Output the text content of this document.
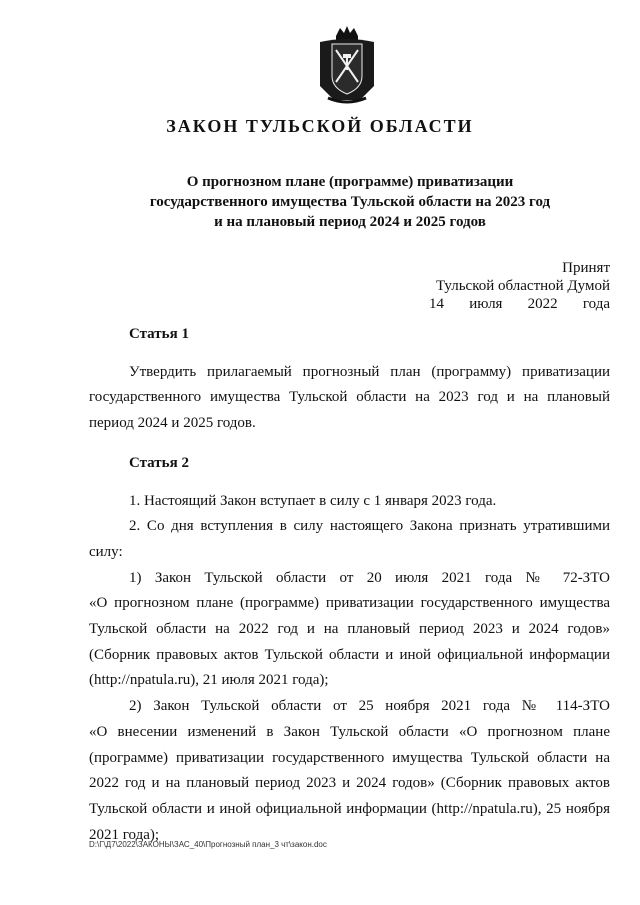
ЗАКОН ТУЛЬСКОЙ ОБЛАСТИ
О прогнозном плане (программе) приватизации
государственного имущества Тульской области на 2023 год
и на плановый период 2024 и 2025 годов
Принят
Тульской областной Думой
14 июля 2022 года

Статья 1

Утвердить прилагаемый прогнозный план (программу) приватизации государственного имущества Тульской области на 2023 год и на плановый период 2024 и 2025 годов.

Статья 2

1. Настоящий Закон вступает в силу с 1 января 2023 года.

2. Со дня вступления в силу настоящего Закона признать утратившими силу:

1) Закон Тульской области от 20 июля 2021 года № 72-ЗТО

«О прогнозном плане (программе) приватизации государственного имущества Тульской области на 2022 год и на плановый период 2023 и 2024 годов» (Сборник правовых актов Тульской области и иной официальной информации (http://npatula.ru), 21 июля 2021 года);

2) Закон Тульской области от 25 ноября 2021 года № 114-ЗТО

«О внесении изменений в Закон Тульской области «О прогнозном плане (программе) приватизации государственного имущества Тульской области на 2022 год и на плановый период 2023 и 2024 годов» (Сборник правовых актов Тульской области и иной официальной информации (http://npatula.ru), 25 ноября 2021 года);

D:\Г\Д7\2022\ЗАКОНЫ\ЗАС_40\Прогнозный план_3 чт\закон.doc
